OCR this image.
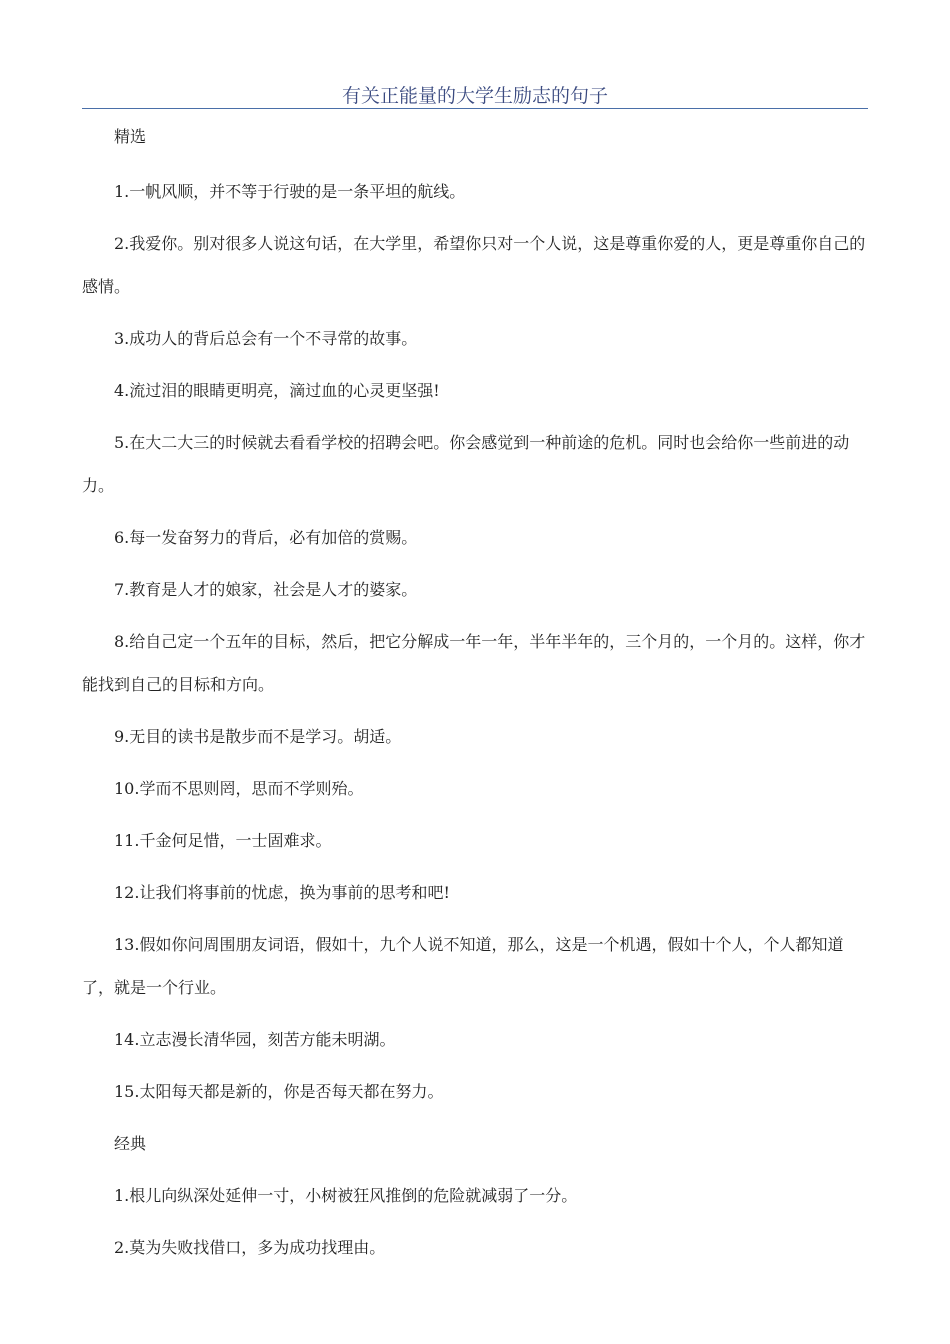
有关正能量的大学生励志的句子

精选

1.一帆风顺，并不等于行驶的是一条平坦的航线。

2.我爱你。别对很多人说这句话，在大学里，希望你只对一个人说，这是尊重你爱的人，更是尊重你自己的感情。

3.成功人的背后总会有一个不寻常的故事。

4.流过泪的眼睛更明亮，滴过血的心灵更坚强!

5.在大二大三的时候就去看看学校的招聘会吧。你会感觉到一种前途的危机。同时也会给你一些前进的动力。

6.每一发奋努力的背后，必有加倍的赏赐。

7.教育是人才的娘家，社会是人才的婆家。

8.给自己定一个五年的目标，然后，把它分解成一年一年，半年半年的，三个月的，一个月的。这样，你才能找到自己的目标和方向。

9.无目的读书是散步而不是学习。胡适。

10.学而不思则罔，思而不学则殆。

11.千金何足惜，一士固难求。

12.让我们将事前的忧虑，换为事前的思考和吧!

13.假如你问周围朋友词语，假如十，九个人说不知道，那么，这是一个机遇，假如十个人，个人都知道了，就是一个行业。

14.立志漫长清华园，刻苦方能未明湖。

15.太阳每天都是新的，你是否每天都在努力。

经典

1.根儿向纵深处延伸一寸，小树被狂风推倒的危险就减弱了一分。

2.莫为失败找借口，多为成功找理由。
